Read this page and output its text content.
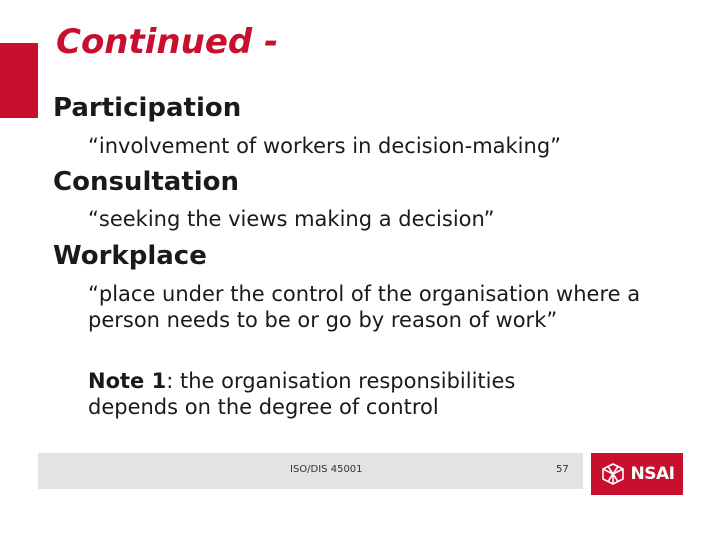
Continued -
Participation
“involvement of workers in decision-making”
Consultation
“seeking the views making a decision”
Workplace
“place under the control of the organisation where a person needs to be or go by reason of work”
Note 1: the organisation responsibilities depends on the degree of control
ISO/DIS 45001	57	NSAI
